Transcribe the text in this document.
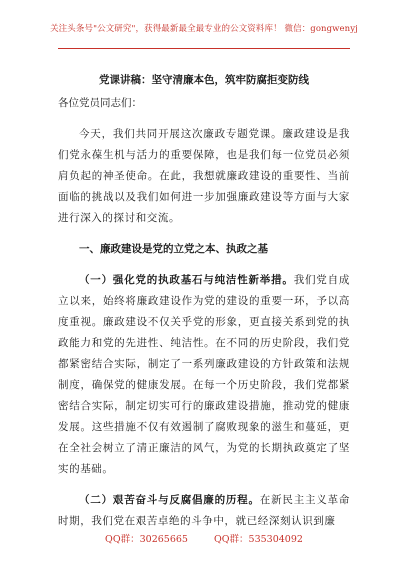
关注头条号"公文研究"，获得最新最全最专业的公文资料库！ 微信：gongwenyj
党课讲稿：坚守清廉本色，筑牢防腐拒变防线
各位党员同志们：

今天，我们共同开展这次廉政专题党课。廉政建设是我们党永葆生机与活力的重要保障，也是我们每一位党员必须肩负起的神圣使命。在此，我想就廉政建设的重要性、当前面临的挑战以及我们如何进一步加强廉政建设等方面与大家进行深入的探讨和交流。

一、廉政建设是党的立党之本、执政之基

（一）强化党的执政基石与纯洁性新举措。我们党自成立以来，始终将廉政建设作为党的建设的重要一环，予以高度重视。廉政建设不仅关乎党的形象，更直接关系到党的执政能力和党的先进性、纯洁性。在不同的历史阶段，我们党都紧密结合实际，制定了一系列廉政建设的方针政策和法规制度，确保党的健康发展。在每一个历史阶段，我们党都紧密结合实际，制定切实可行的廉政建设措施，推动党的健康发展。这些措施不仅有效遏制了腐败现象的滋生和蔓延，更在全社会树立了清正廉洁的风气，为党的长期执政奠定了坚实的基础。

（二）艰苦奋斗与反腐倡廉的历程。在新民主主义革命时期，我们党在艰苦卓绝的斗争中，就已经深刻认识到廉

QQ群：30265665	QQ群：535304092
